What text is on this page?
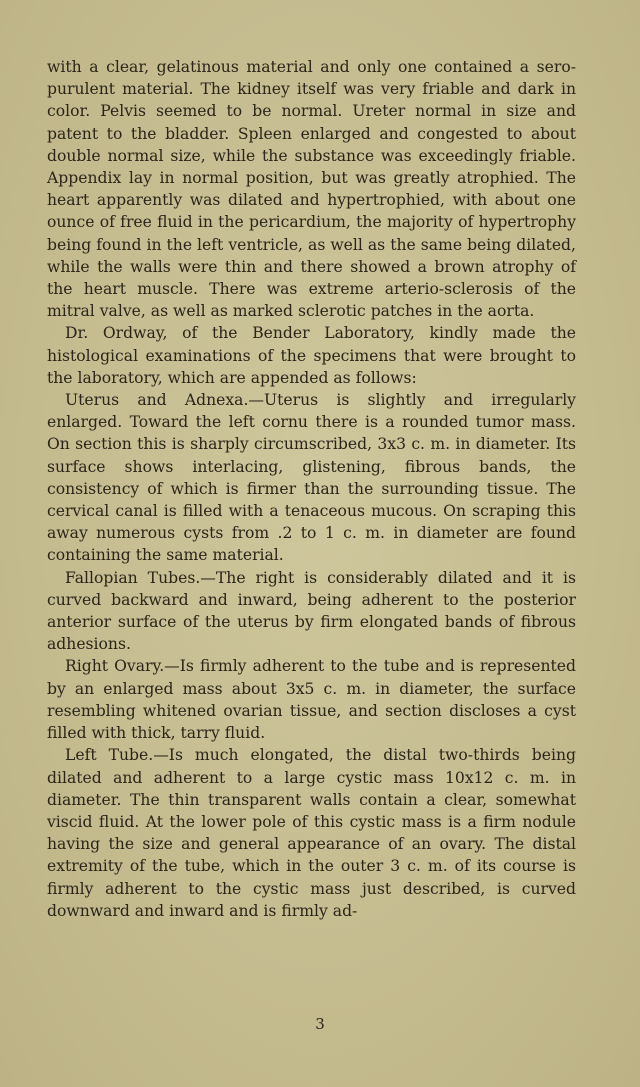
with a clear, gelatinous material and only one contained a sero-purulent material. The kidney itself was very friable and dark in color. Pelvis seemed to be normal. Ureter normal in size and patent to the bladder. Spleen enlarged and congested to about double normal size, while the substance was exceedingly friable. Appendix lay in normal position, but was greatly atrophied. The heart apparently was dilated and hypertrophied, with about one ounce of free fluid in the pericardium, the majority of hypertrophy being found in the left ventricle, as well as the same being dilated, while the walls were thin and there showed a brown atrophy of the heart muscle. There was extreme arterio-sclerosis of the mitral valve, as well as marked sclerotic patches in the aorta.

Dr. Ordway, of the Bender Laboratory, kindly made the histological examinations of the specimens that were brought to the laboratory, which are appended as follows:

Uterus and Adnexa.—Uterus is slightly and irregularly enlarged. Toward the left cornu there is a rounded tumor mass. On section this is sharply circumscribed, 3x3 c. m. in diameter. Its surface shows interlacing, glistening, fibrous bands, the consistency of which is firmer than the surrounding tissue. The cervical canal is filled with a tenaceous mucous. On scraping this away numerous cysts from .2 to 1 c. m. in diameter are found containing the same material.

Fallopian Tubes.—The right is considerably dilated and it is curved backward and inward, being adherent to the posterior anterior surface of the uterus by firm elongated bands of fibrous adhesions.

Right Ovary.—Is firmly adherent to the tube and is represented by an enlarged mass about 3x5 c. m. in diameter, the surface resembling whitened ovarian tissue, and section discloses a cyst filled with thick, tarry fluid.

Left Tube.—Is much elongated, the distal two-thirds being dilated and adherent to a large cystic mass 10x12 c. m. in diameter. The thin transparent walls contain a clear, somewhat viscid fluid. At the lower pole of this cystic mass is a firm nodule having the size and general appearance of an ovary. The distal extremity of the tube, which in the outer 3 c. m. of its course is firmly adherent to the cystic mass just described, is curved downward and inward and is firmly ad-

3
